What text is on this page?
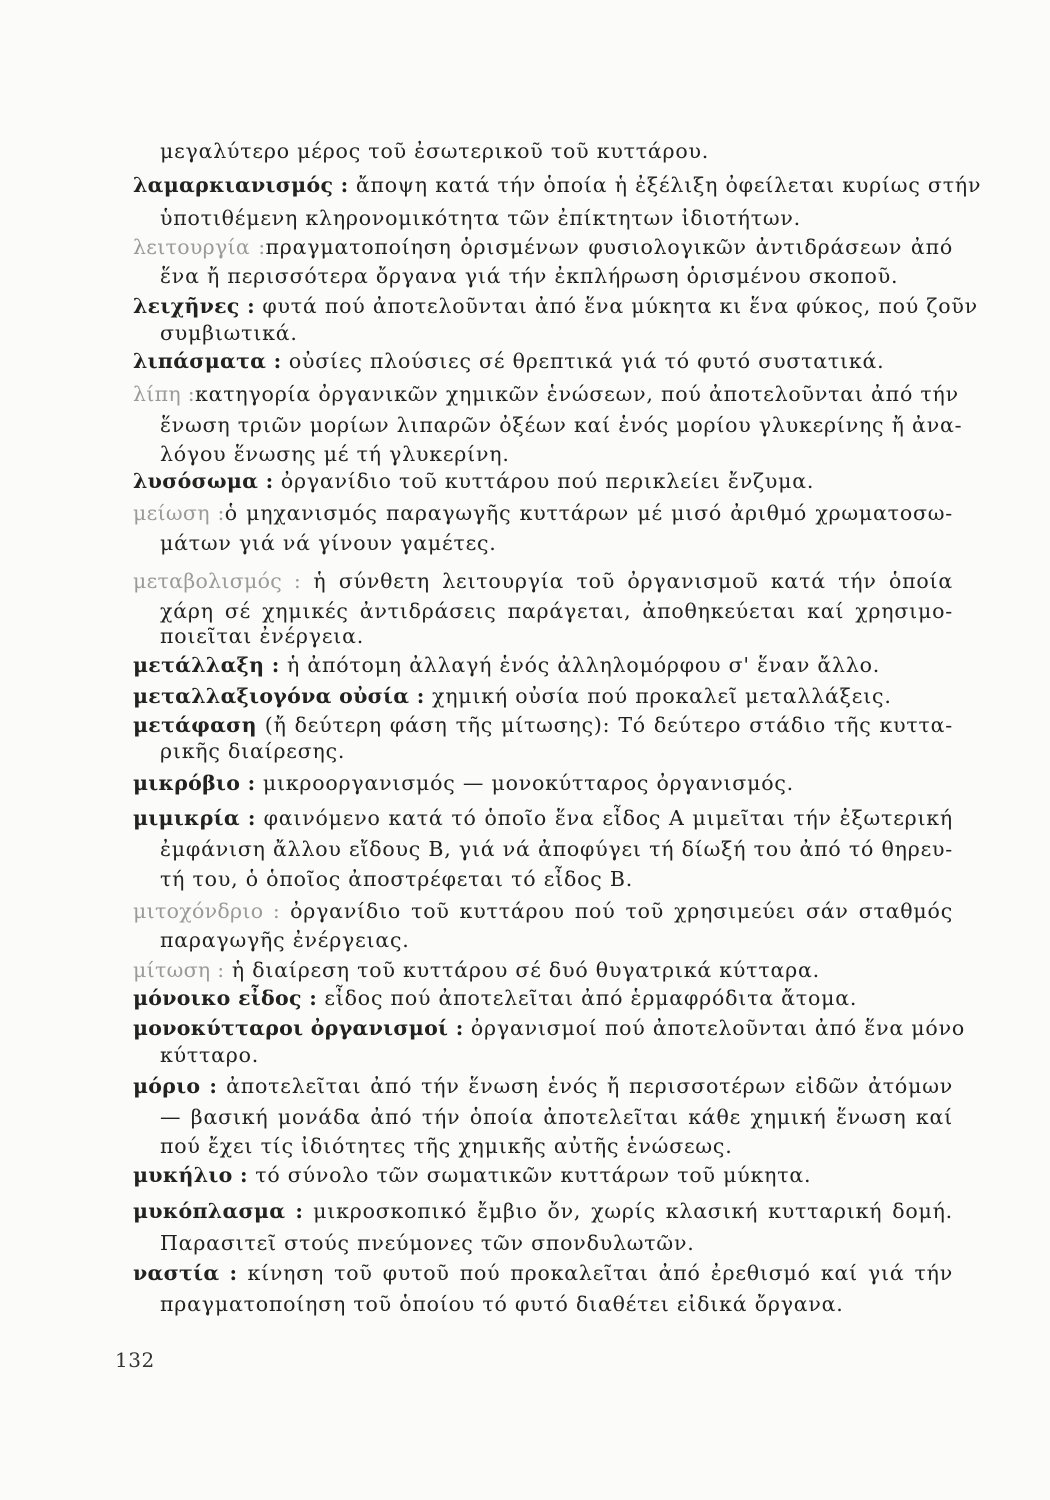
μεγαλύτερο μέρος τοῦ ἐσωτερικοῦ τοῦ κυττάρου.
λαμαρκιανισμός : ἄποψη κατά τήν ὁποία ἡ ἐξέλιξη ὀφείλεται κυρίως στήν
ὑποτιθέμενη κληρονομικότητα τῶν ἐπίκτητων ἰδιοτήτων.
λειτουργία :πραγματοποίηση ὁρισμένων φυσιολογικῶν ἀντιδράσεων ἀπό
ἕνα ἤ περισσότερα ὄργανα γιά τήν ἐκπλήρωση ὁρισμένου σκοποῦ.
λειχῆνες : φυτά πού ἀποτελοῦνται ἀπό ἕνα μύκητα κι ἕνα φύκος, πού ζοῦν
συμβιωτικά.
λιπάσματα : οὐσίες πλούσιες σέ θρεπτικά γιά τό φυτό συστατικά.
λίπη :κατηγορία ὀργανικῶν χημικῶν ἑνώσεων, πού ἀποτελοῦνται ἀπό τήν
ἕνωση τριῶν μορίων λιπαρῶν ὀξέων καί ἑνός μορίου γλυκερίνης ἤ ἀνα-
λόγου ἕνωσης μέ τή γλυκερίνη.
λυσόσωμα : ὀργανίδιο τοῦ κυττάρου πού περικλείει ἔνζυμα.
μείωση :ὁ μηχανισμός παραγωγῆς κυττάρων μέ μισό ἀριθμό χρωματοσω-
μάτων γιά νά γίνουν γαμέτες.
μεταβολισμός : ἡ σύνθετη λειτουργία τοῦ ὀργανισμοῦ κατά τήν ὁποία
χάρη σέ χημικές ἀντιδράσεις παράγεται, ἀποθηκεύεται καί χρησιμο-
ποιεῖται ἐνέργεια.
μετάλλαξη : ἡ ἀπότομη ἀλλαγή ἑνός ἀλληλομόρφου σ' ἕναν ἄλλο.
μεταλλαξιογόνα οὐσία : χημική οὐσία πού προκαλεῖ μεταλλάξεις.
μετάφαση (ἤ δεύτερη φάση τῆς μίτωσης): Τό δεύτερο στάδιο τῆς κυττα-
ρικῆς διαίρεσης.
μικρόβιο : μικροοργανισμός — μονοκύτταρος ὀργανισμός.
μιμικρία : φαινόμενο κατά τό ὁποῖο ἕνα εἶδος Α μιμεῖται τήν ἐξωτερική
ἐμφάνιση ἄλλου εἴδους Β, γιά νά ἀποφύγει τή δίωξή του ἀπό τό θηρευ-
τή του, ὁ ὁποῖος ἀποστρέφεται τό εἶδος Β.
μιτοχόνδριο : ὀργανίδιο τοῦ κυττάρου πού τοῦ χρησιμεύει σάν σταθμός
παραγωγῆς ἐνέργειας.
μίτωση : ἡ διαίρεση τοῦ κυττάρου σέ δυό θυγατρικά κύτταρα.
μόνοικο εἶδος : εἶδος πού ἀποτελεῖται ἀπό ἑρμαφρόδιτα ἄτομα.
μονοκύτταροι ὀργανισμοί : ὀργανισμοί πού ἀποτελοῦνται ἀπό ἕνα μόνο
κύτταρο.
μόριο : ἀποτελεῖται ἀπό τήν ἕνωση ἑνός ἤ περισσοτέρων εἰδῶν ἀτόμων
— βασική μονάδα ἀπό τήν ὁποία ἀποτελεῖται κάθε χημική ἕνωση καί
πού ἔχει τίς ἰδιότητες τῆς χημικῆς αὐτῆς ἑνώσεως.
μυκήλιο : τό σύνολο τῶν σωματικῶν κυττάρων τοῦ μύκητα.
μυκόπλασμα : μικροσκοπικό ἔμβιο ὄν, χωρίς κλασική κυτταρική δομή.
Παρασιτεῖ στούς πνεύμονες τῶν σπονδυλωτῶν.
ναστία : κίνηση τοῦ φυτοῦ πού προκαλεῖται ἀπό ἐρεθισμό καί γιά τήν
πραγματοποίηση τοῦ ὁποίου τό φυτό διαθέτει εἰδικά ὄργανα.
132
